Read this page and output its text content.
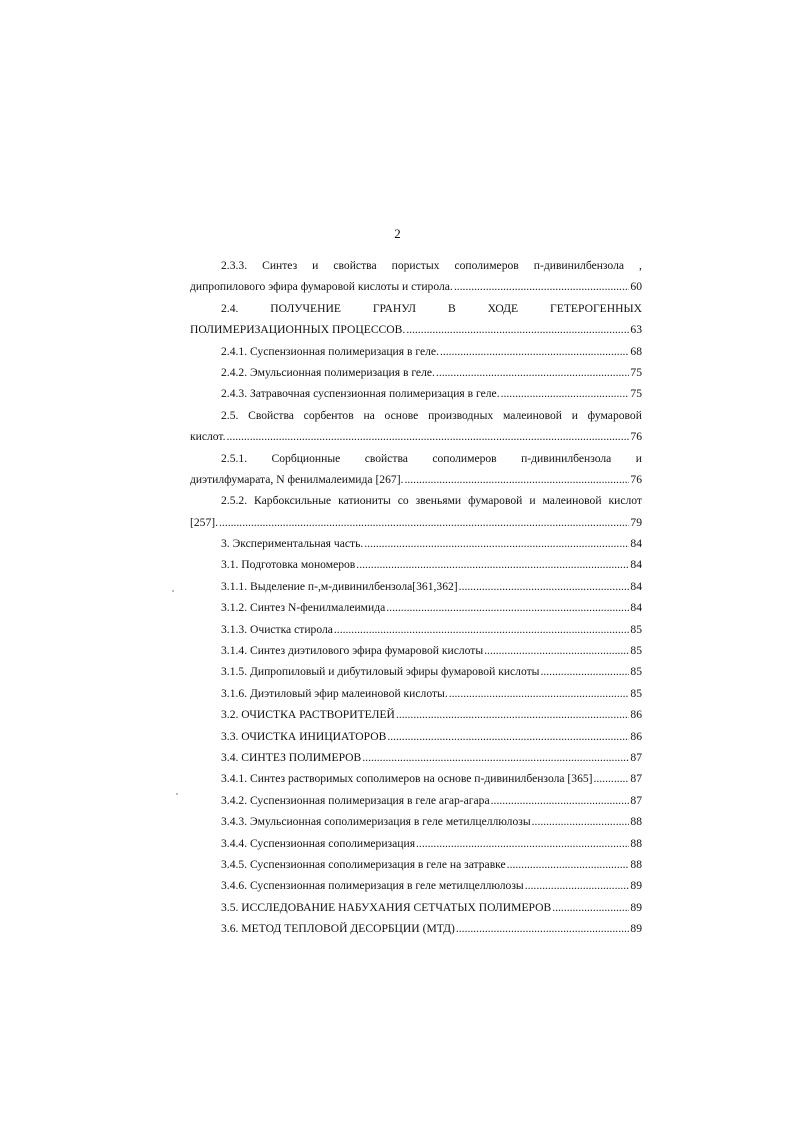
2
2.3.3. Синтез и свойства пористых сополимеров п-дивинилбензола ,
дипропилового эфира фумаровой кислоты и стирола. .....	60
2.4.	ПОЛУЧЕНИЕ	ГРАНУЛ	В	ХОДЕ	ГЕТЕРОГЕННЫХ
ПОЛИМЕРИЗАЦИОННЫХ ПРОЦЕССОВ. .....	63
2.4.1. Суспензионная полимеризация в геле. .....	68
2.4.2. Эмульсионная полимеризация в геле. .....	75
2.4.3. Затравочная суспензионная полимеризация в геле. .....	75
2.5. Свойства сорбентов на основе производных малеиновой и фумаровой
кислот. .....	76
2.5.1. Сорбционные свойства сополимеров п-дивинилбензола и
диэтилфумарата, N фенилмалеимида [267]. .....	76
2.5.2. Карбоксильные катиониты со звеньями фумаровой и малеиновой кислот
[257]. .....	79
3. Экспериментальная часть. .....	84
3.1. Подготовка мономеров .....	84
3.1.1. Выделение п-,м-дивинилбензола[361,362] .....	84
3.1.2. Синтез N-фенилмалеимида .....	84
3.1.3. Очистка стирола .....	85
3.1.4. Синтез диэтилового эфира фумаровой кислоты .....	85
3.1.5. Дипропиловый и дибутиловый эфиры фумаровой кислоты .....	85
3.1.6. Диэтиловый эфир малеиновой кислоты. .....	85
3.2. ОЧИСТКА РАСТВОРИТЕЛЕЙ .....	86
3.3. ОЧИСТКА ИНИЦИАТОРОВ .....	86
3.4. СИНТЕЗ ПОЛИМЕРОВ .....	87
3.4.1. Синтез растворимых сополимеров на основе п-дивинилбензола [365] .....	87
3.4.2. Суспензионная полимеризация в геле агар-агара .....	87
3.4.3. Эмульсионная сополимеризация в геле метилцеллюлозы .....	88
3.4.4. Суспензионная сополимеризация .....	88
3.4.5. Суспензионная сополимеризация в геле на затравке .....	88
3.4.6. Суспензионная полимеризация в геле метилцеллюлозы .....	89
3.5. ИССЛЕДОВАНИЕ НАБУХАНИЯ СЕТЧАТЫХ ПОЛИМЕРОВ .....	89
3.6. МЕТОД ТЕПЛОВОЙ ДЕСОРБЦИИ (МТД) .....	89
